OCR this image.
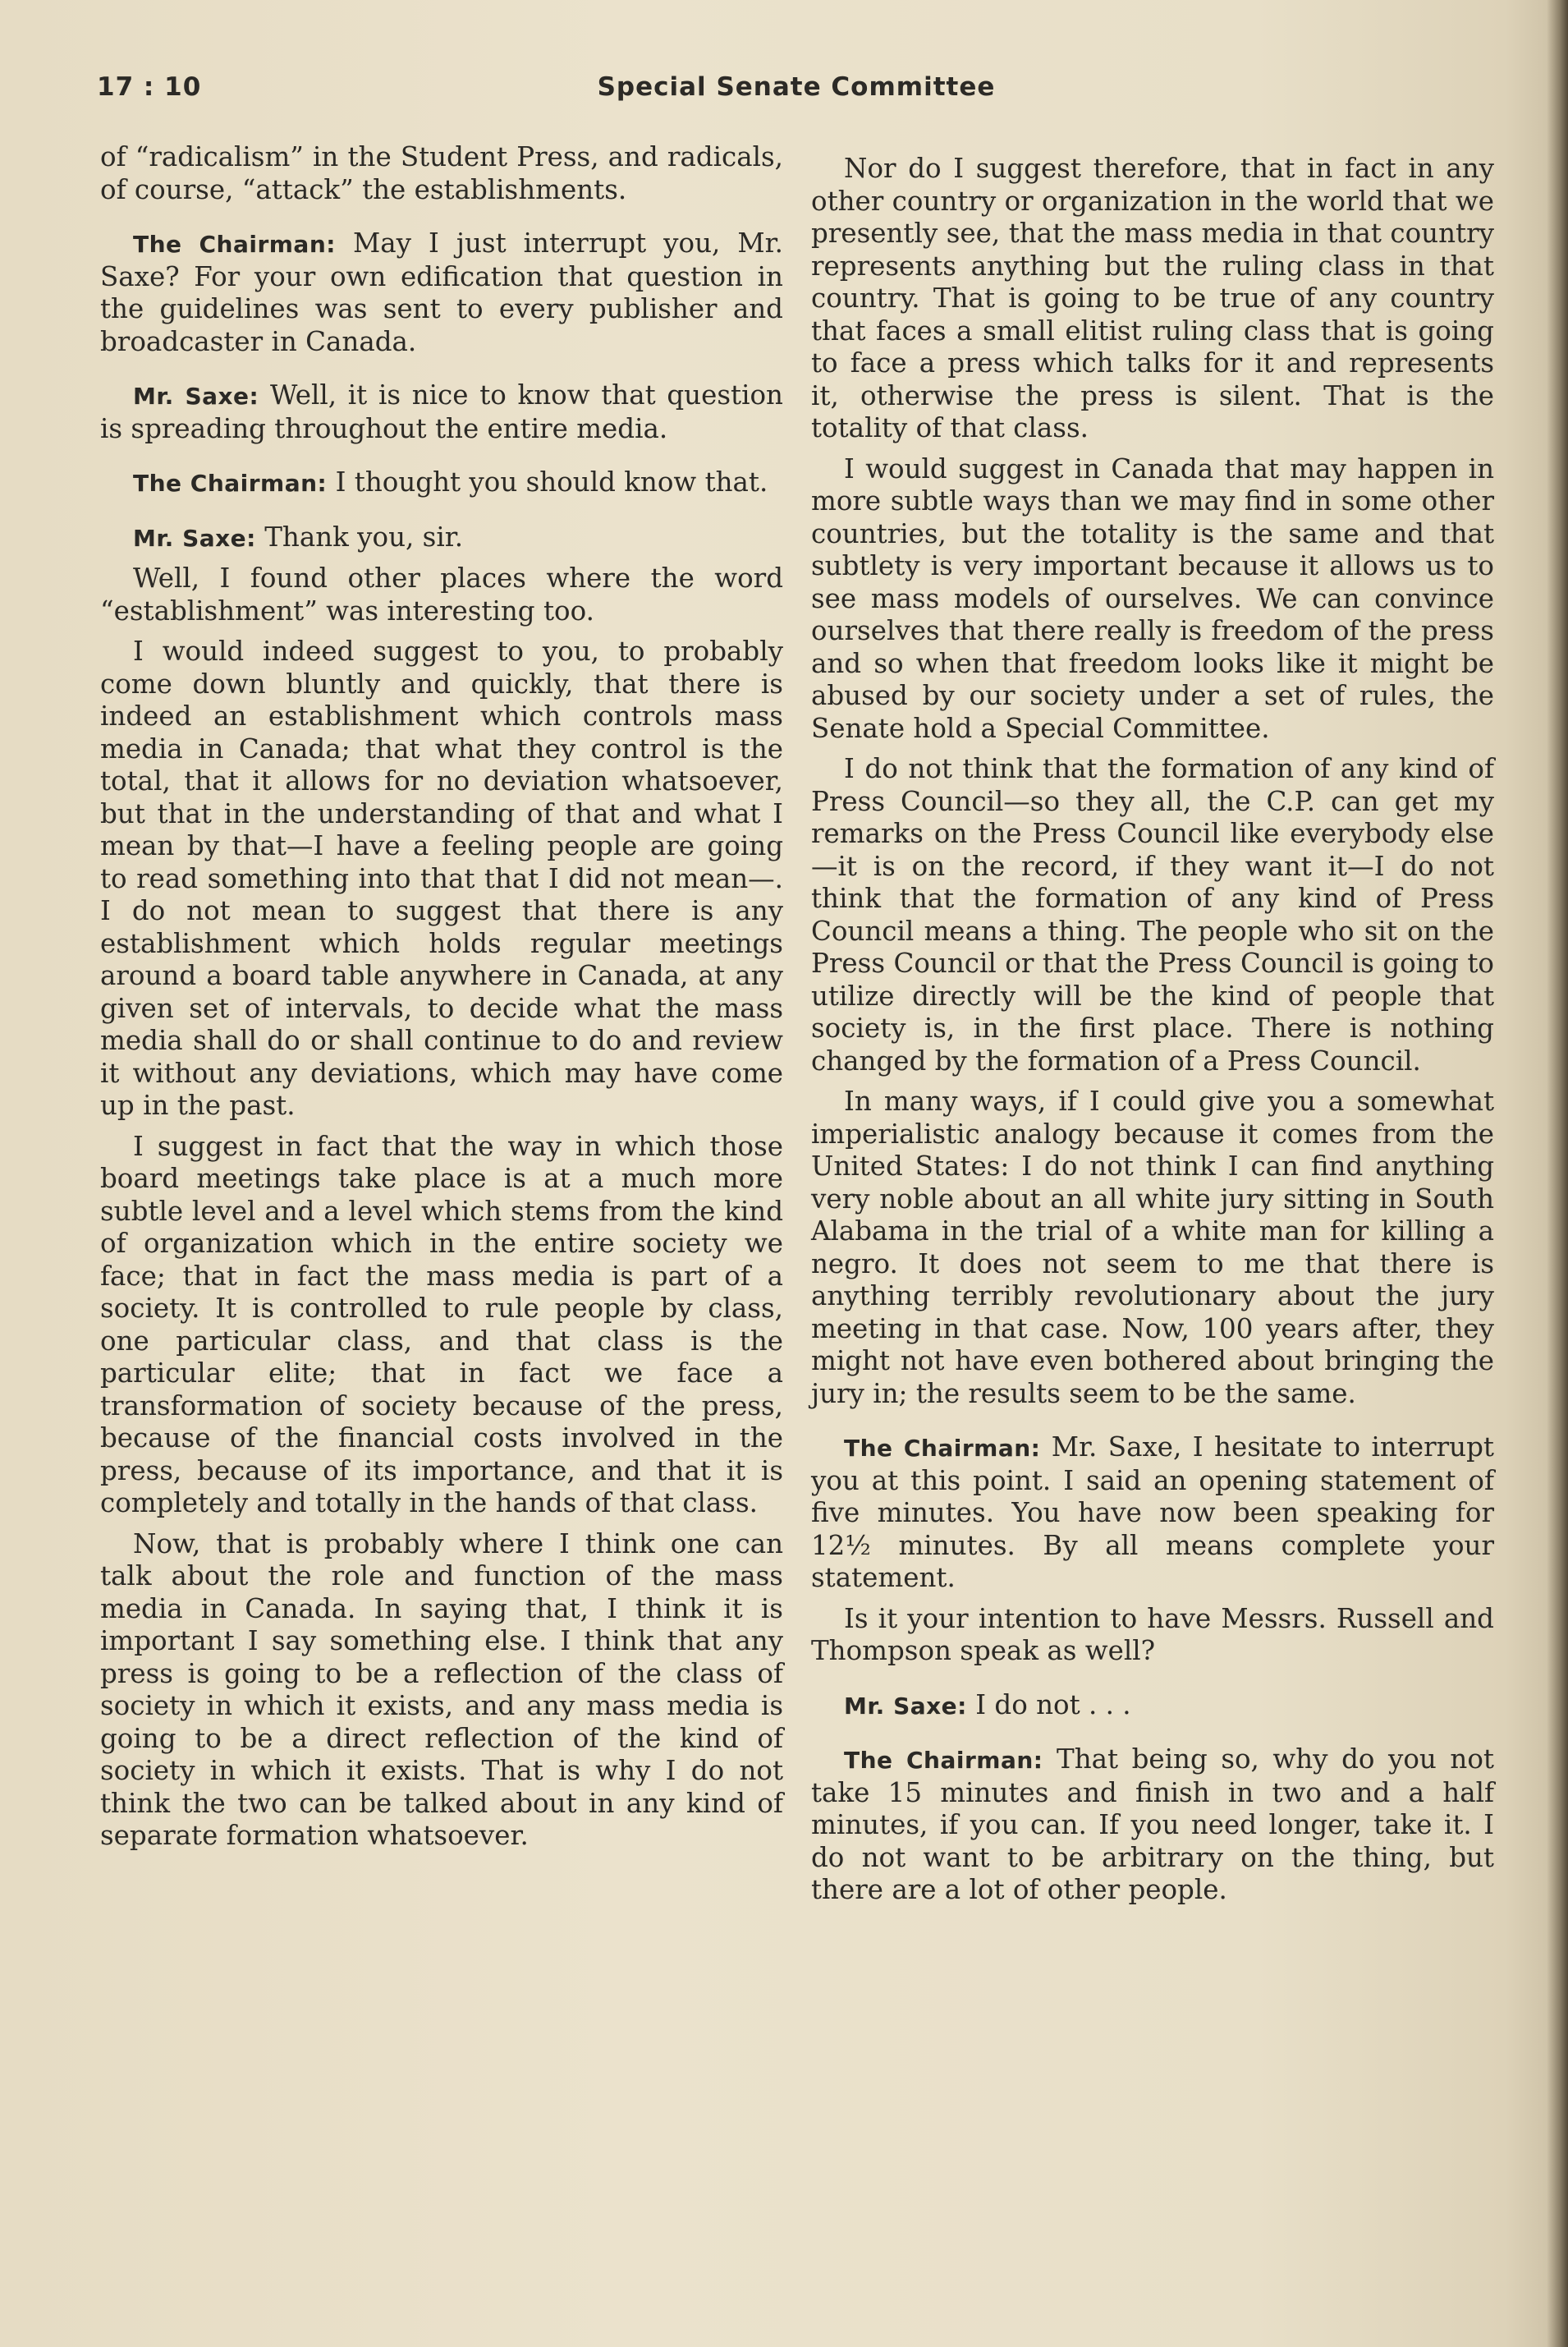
17 : 10	Special Senate Committee

of “radicalism” in the Student Press, and radicals, of course, “attack” the establishments.

The Chairman: May I just interrupt you, Mr. Saxe? For your own edification that question in the guidelines was sent to every publisher and broadcaster in Canada.

Mr. Saxe: Well, it is nice to know that question is spreading throughout the entire media.

The Chairman: I thought you should know that.

Mr. Saxe: Thank you, sir.

Well, I found other places where the word “establishment” was interesting too.

I would indeed suggest to you, to probably come down bluntly and quickly, that there is indeed an establishment which controls mass media in Canada; that what they control is the total, that it allows for no deviation whatsoever, but that in the understanding of that and what I mean by that—I have a feeling people are going to read something into that that I did not mean—. I do not mean to suggest that there is any establishment which holds regular meetings around a board table anywhere in Canada, at any given set of intervals, to decide what the mass media shall do or shall continue to do and review it without any deviations, which may have come up in the past.

I suggest in fact that the way in which those board meetings take place is at a much more subtle level and a level which stems from the kind of organization which in the entire society we face; that in fact the mass media is part of a society. It is controlled to rule people by class, one particular class, and that class is the particular elite; that in fact we face a transformation of society because of the press, because of the financial costs involved in the press, because of its importance, and that it is completely and totally in the hands of that class.

Now, that is probably where I think one can talk about the role and function of the mass media in Canada. In saying that, I think it is important I say something else. I think that any press is going to be a reflection of the class of society in which it exists, and any mass media is going to be a direct reflection of the kind of society in which it exists. That is why I do not think the two can be talked about in any kind of separate formation whatsoever.

Nor do I suggest therefore, that in fact in any other country or organization in the world that we presently see, that the mass media in that country represents anything but the ruling class in that country. That is going to be true of any country that faces a small elitist ruling class that is going to face a press which talks for it and represents it, otherwise the press is silent. That is the totality of that class.

I would suggest in Canada that may happen in more subtle ways than we may find in some other countries, but the totality is the same and that subtlety is very important because it allows us to see mass models of ourselves. We can convince ourselves that there really is freedom of the press and so when that freedom looks like it might be abused by our society under a set of rules, the Senate hold a Special Committee.

I do not think that the formation of any kind of Press Council—so they all, the C.P. can get my remarks on the Press Council like everybody else—it is on the record, if they want it—I do not think that the formation of any kind of Press Council means a thing. The people who sit on the Press Council or that the Press Council is going to utilize directly will be the kind of people that society is, in the first place. There is nothing changed by the formation of a Press Council.

In many ways, if I could give you a somewhat imperialistic analogy because it comes from the United States: I do not think I can find anything very noble about an all white jury sitting in South Alabama in the trial of a white man for killing a negro. It does not seem to me that there is anything terribly revolutionary about the jury meeting in that case. Now, 100 years after, they might not have even bothered about bringing the jury in; the results seem to be the same.

The Chairman: Mr. Saxe, I hesitate to interrupt you at this point. I said an opening statement of five minutes. You have now been speaking for 12½ minutes. By all means complete your statement.

Is it your intention to have Messrs. Russell and Thompson speak as well?

Mr. Saxe: I do not . . .

The Chairman: That being so, why do you not take 15 minutes and finish in two and a half minutes, if you can. If you need longer, take it. I do not want to be arbitrary on the thing, but there are a lot of other people.
